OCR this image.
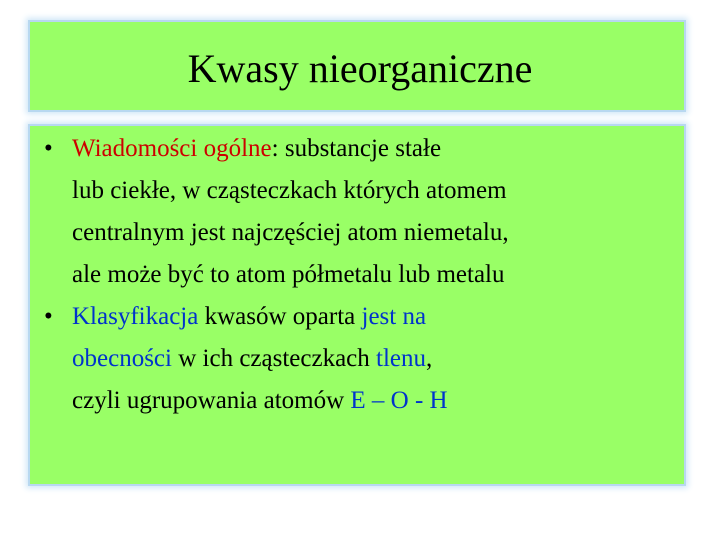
Kwasy nieorganiczne
• Wiadomości ogólne: substancje stałe
lub ciekłe, w cząsteczkach których atomem
centralnym jest najczęściej atom niemetalu,
ale może być to atom półmetalu lub metalu
• Klasyfikacja kwasów oparta jest na
obecności w ich cząsteczkach tlenu,
czyli ugrupowania atomów E – O - H
